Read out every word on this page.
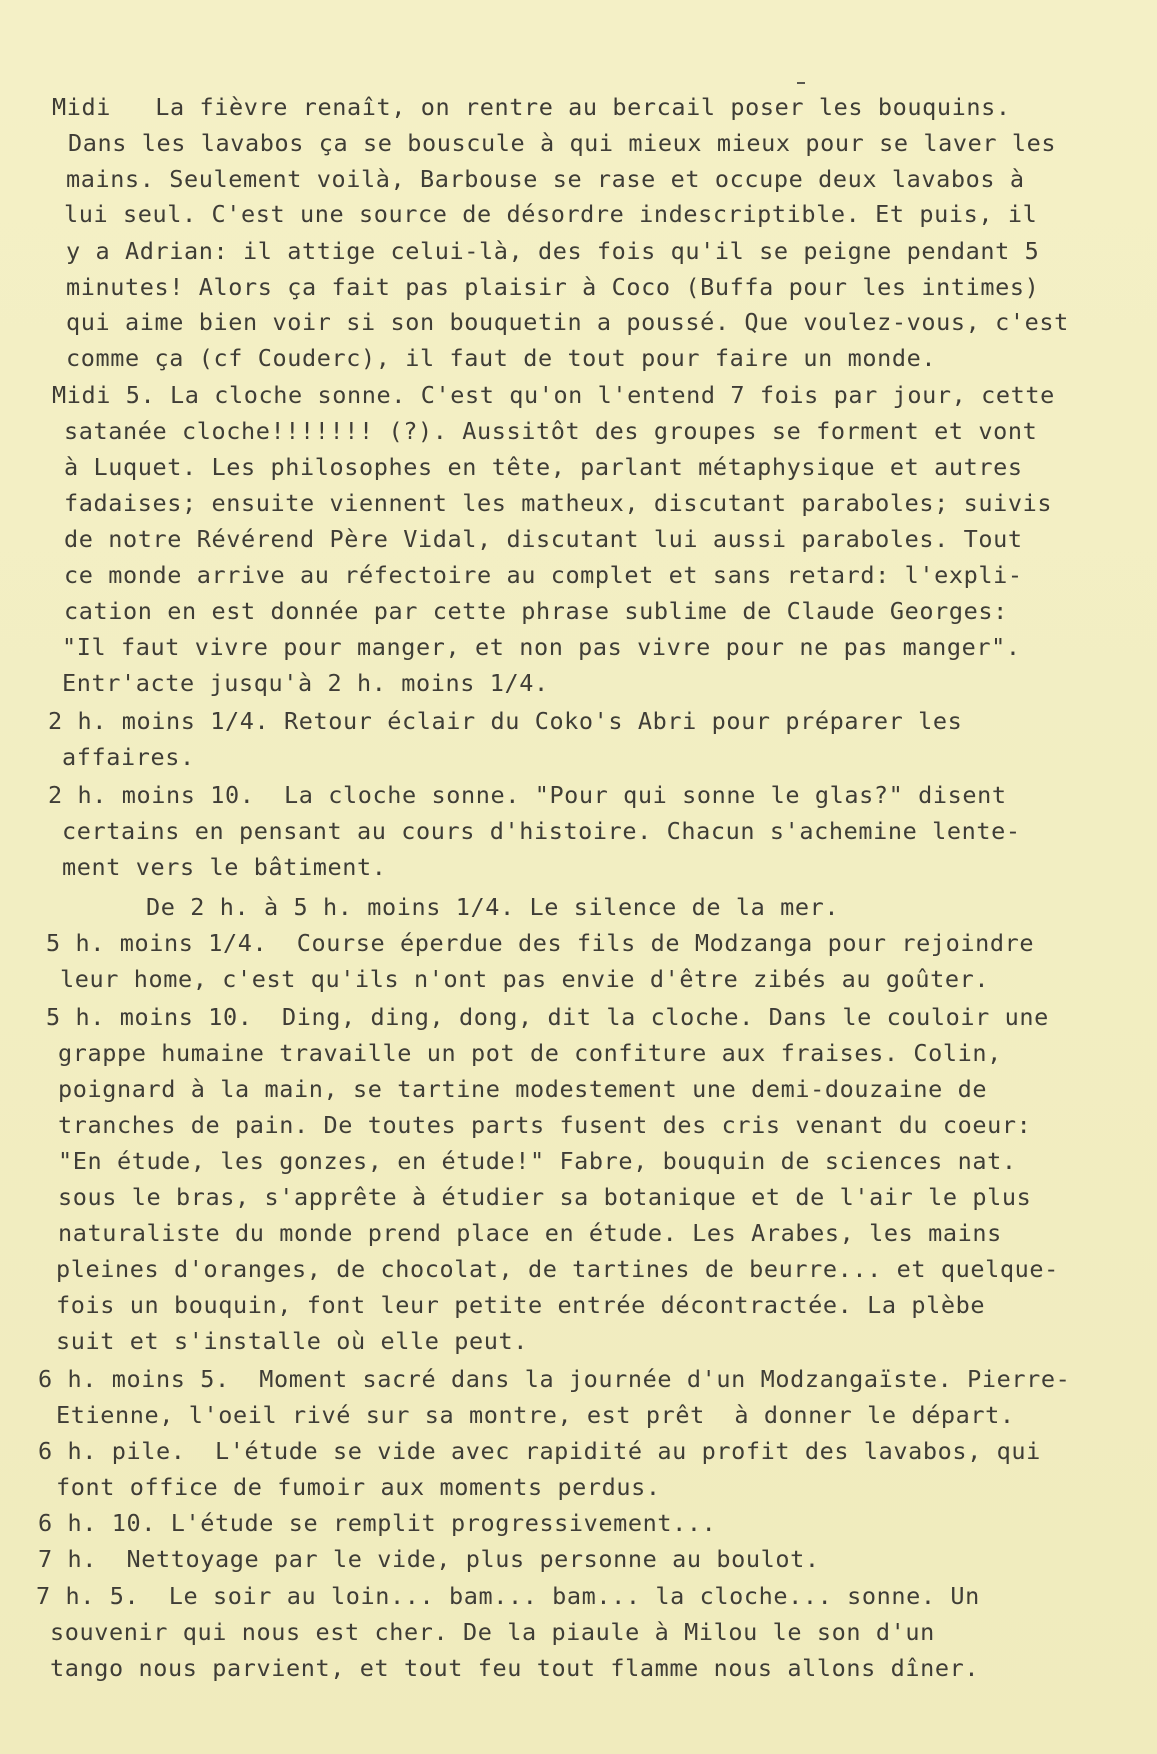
Midi   La fièvre renaît, on rentre au bercail poser les bouquins.

Dans les lavabos ça se bouscule à qui mieux mieux pour se laver les

mains. Seulement voilà, Barbouse se rase et occupe deux lavabos à

lui seul. C'est une source de désordre indescriptible. Et puis, il

y a Adrian: il attige celui-là, des fois qu'il se peigne pendant 5

minutes! Alors ça fait pas plaisir à Coco (Buffa pour les intimes)

qui aime bien voir si son bouquetin a poussé. Que voulez-vous, c'est

comme ça (cf Couderc), il faut de tout pour faire un monde.

Midi 5. La cloche sonne. C'est qu'on l'entend 7 fois par jour, cette

satanée cloche!!!!!!! (?). Aussitôt des groupes se forment et vont

à Luquet. Les philosophes en tête, parlant métaphysique et autres

fadaises; ensuite viennent les matheux, discutant paraboles; suivis

de notre Révérend Père Vidal, discutant lui aussi paraboles. Tout

ce monde arrive au réfectoire au complet et sans retard: l'expli-

cation en est donnée par cette phrase sublime de Claude Georges:

"Il faut vivre pour manger, et non pas vivre pour ne pas manger".

Entr'acte jusqu'à 2 h. moins 1/4.

2 h. moins 1/4. Retour éclair du Coko's Abri pour préparer les

affaires.

2 h. moins 10.  La cloche sonne. "Pour qui sonne le glas?" disent

certains en pensant au cours d'histoire. Chacun s'achemine lente-

ment vers le bâtiment.

De 2 h. à 5 h. moins 1/4. Le silence de la mer.

5 h. moins 1/4.  Course éperdue des fils de Modzanga pour rejoindre

leur home, c'est qu'ils n'ont pas envie d'être zibés au goûter.

5 h. moins 10.  Ding, ding, dong, dit la cloche. Dans le couloir une

grappe humaine travaille un pot de confiture aux fraises. Colin,

poignard à la main, se tartine modestement une demi-douzaine de

tranches de pain. De toutes parts fusent des cris venant du coeur:

"En étude, les gonzes, en étude!" Fabre, bouquin de sciences nat.

sous le bras, s'apprête à étudier sa botanique et de l'air le plus

naturaliste du monde prend place en étude. Les Arabes, les mains

pleines d'oranges, de chocolat, de tartines de beurre... et quelque-

fois un bouquin, font leur petite entrée décontractée. La plèbe

suit et s'installe où elle peut.

6 h. moins 5.  Moment sacré dans la journée d'un Modzangaïste. Pierre-

Etienne, l'oeil rivé sur sa montre, est prêt  à donner le départ.

6 h. pile.  L'étude se vide avec rapidité au profit des lavabos, qui

font office de fumoir aux moments perdus.

6 h. 10. L'étude se remplit progressivement...

7 h.  Nettoyage par le vide, plus personne au boulot.

7 h. 5.  Le soir au loin... bam... bam... la cloche... sonne. Un

souvenir qui nous est cher. De la piaule à Milou le son d'un

tango nous parvient, et tout feu tout flamme nous allons dîner.
